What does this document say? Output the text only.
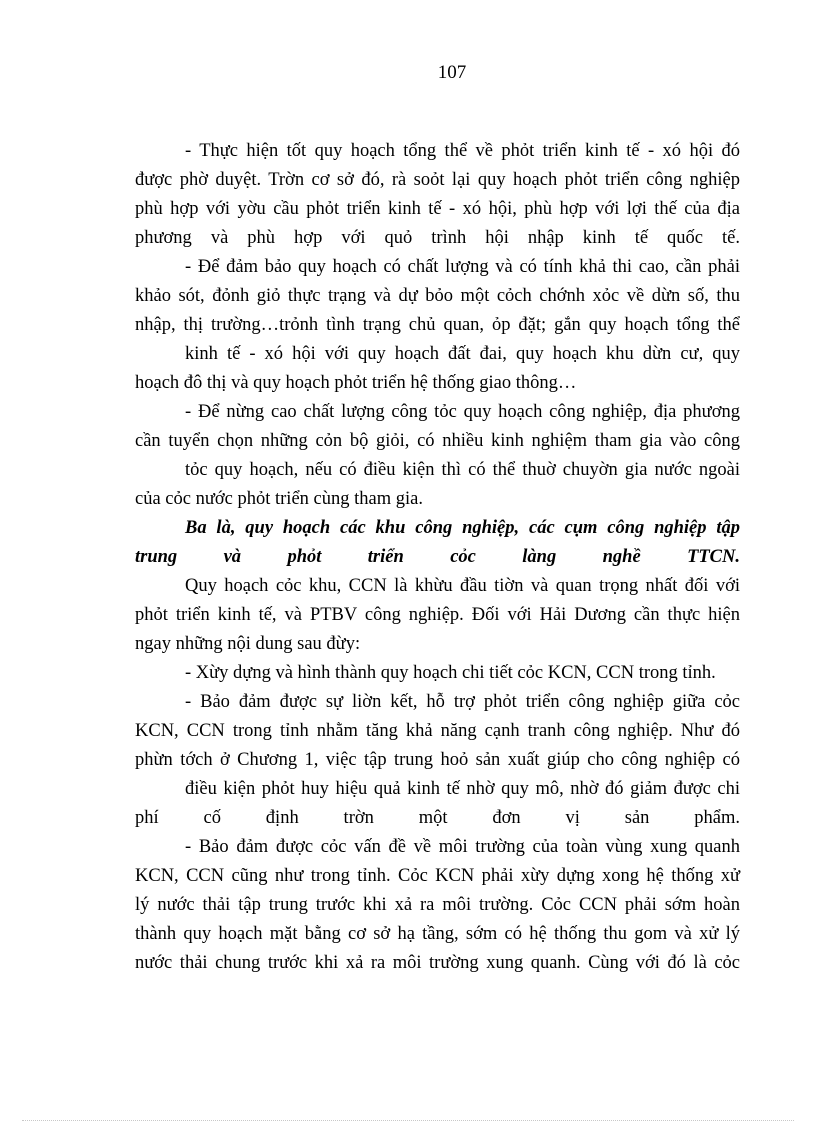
107
- Thực hiện tốt quy hoạch tổng thể về phỏt triển kinh tế - xó hội đó
được phờ duyệt. Trờn cơ sở đó, rà soỏt lại quy hoạch phỏt triển công nghiệp
phù hợp với yờu cầu phỏt triển kinh tế - xó hội, phù hợp với lợi thế của địa
phương và phù hợp với quỏ trình hội nhập kinh tế quốc tế.
- Để đảm bảo quy hoạch có chất lượng và có tính khả thi cao, cần phải
khảo sót, đỏnh giỏ thực trạng và dự bỏo một cỏch chớnh xỏc về dừn số, thu
nhập, thị trường…trỏnh tình trạng chủ quan, ỏp đặt; gắn quy hoạch tổng thể
kinh tế - xó hội với quy hoạch đất đai, quy hoạch khu dừn cư, quy
hoạch đô thị và quy hoạch phỏt triển hệ thống giao thông…
- Để nừng cao chất lượng công tỏc quy hoạch công nghiệp, địa phương
cần tuyển chọn những cỏn bộ giỏi, có nhiều kinh nghiệm tham gia vào công
tỏc quy hoạch, nếu có điều kiện thì có thể thuờ chuyờn gia nước ngoài
của cỏc nước phỏt triển cùng tham gia.
Ba là, quy hoạch các khu công nghiệp, các cụm công nghiệp tập
trung và phỏt triển cỏc làng nghề TTCN.
Quy hoạch cỏc khu, CCN là khừu đầu tiờn và quan trọng nhất đối với
phỏt triển kinh tế, và PTBV công nghiệp. Đối với Hải Dương cần thực hiện
ngay những nội dung sau đừy:
- Xừy dựng và hình thành quy hoạch chi tiết cỏc KCN, CCN trong tỉnh.
- Bảo đảm được sự liờn kết, hỗ trợ phỏt triển công nghiệp giữa cỏc
KCN, CCN trong tỉnh nhằm tăng khả năng cạnh tranh công nghiệp. Như đó
phừn tớch ở Chương 1, việc tập trung hoỏ sản xuất giúp cho công nghiệp có
điều kiện phỏt huy hiệu quả kinh tế nhờ quy mô, nhờ đó giảm được chi
phí cố định trờn một đơn vị sản phẩm.
- Bảo đảm được cỏc vấn đề về môi trường của toàn vùng xung quanh
KCN, CCN cũng như trong tỉnh. Cỏc KCN phải xừy dựng xong hệ thống xử
lý nước thải tập trung trước khi xả ra môi trường. Cỏc CCN phải sớm hoàn
thành quy hoạch mặt bằng cơ sở hạ tầng, sớm có hệ thống thu gom và xử lý
nước thải chung trước khi xả ra môi trường xung quanh. Cùng với đó là cỏc
